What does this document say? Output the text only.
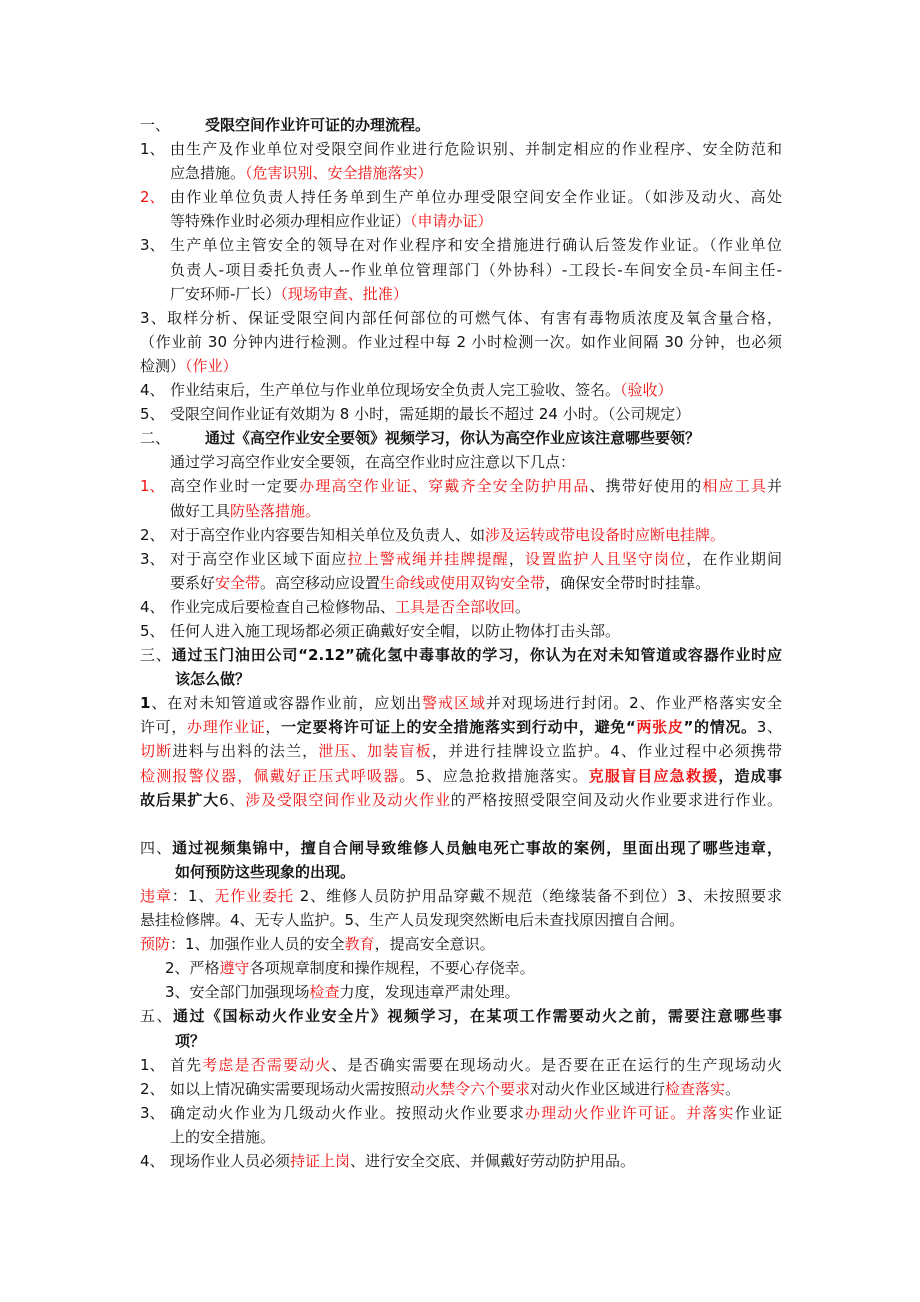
一、 受限空间作业许可证的办理流程。
1、 由生产及作业单位对受限空间作业进行危险识别、并制定相应的作业程序、安全防范和
应急措施。（危害识别、安全措施落实）
2、 由作业单位负责人持任务单到生产单位办理受限空间安全作业证。（如涉及动火、高处
等特殊作业时必须办理相应作业证）（申请办证）
3、 生产单位主管安全的领导在对作业程序和安全措施进行确认后签发作业证。（作业单位
负责人-项目委托负责人--作业单位管理部门（外协科）-工段长-车间安全员-车间主任-
厂安环师-厂长）（现场审查、批准）
3、取样分析、保证受限空间内部任何部位的可燃气体、有害有毒物质浓度及氧含量合格，
（作业前 30 分钟内进行检测。作业过程中每 2 小时检测一次。如作业间隔 30 分钟，也必须
检测）（作业）
4、 作业结束后，生产单位与作业单位现场安全负责人完工验收、签名。（验收）
5、 受限空间作业证有效期为 8 小时，需延期的最长不超过 24 小时。（公司规定）
二、 通过《高空作业安全要领》视频学习，你认为高空作业应该注意哪些要领？
通过学习高空作业安全要领，在高空作业时应注意以下几点：
1、 高空作业时一定要办理高空作业证、穿戴齐全安全防护用品、携带好使用的相应工具并
做好工具防坠落措施。
2、 对于高空作业内容要告知相关单位及负责人、如涉及运转或带电设备时应断电挂牌。
3、 对于高空作业区域下面应拉上警戒绳并挂牌提醒，设置监护人且坚守岗位，在作业期间
要系好安全带。高空移动应设置生命线或使用双钩安全带，确保安全带时时挂靠。
4、 作业完成后要检查自己检修物品、工具是否全部收回。
5、 任何人进入施工现场都必须正确戴好安全帽，以防止物体打击头部。
三、通过玉门油田公司“2.12”硫化氢中毒事故的学习，你认为在对未知管道或容器作业时应
该怎么做？
1、在对未知管道或容器作业前，应划出警戒区域并对现场进行封闭。2、作业严格落实安全
许可，办理作业证，一定要将许可证上的安全措施落实到行动中，避免“两张皮”的情况。3、
切断进料与出料的法兰，泄压、加装盲板，并进行挂牌设立监护。4、作业过程中必须携带
检测报警仪器，佩戴好正压式呼吸器。5、应急抢救措施落实。克服盲目应急救援，造成事
故后果扩大6、涉及受限空间作业及动火作业的严格按照受限空间及动火作业要求进行作业。
四、通过视频集锦中，擅自合闸导致维修人员触电死亡事故的案例，里面出现了哪些违章，
如何预防这些现象的出现。
违章：1、无作业委托 2、维修人员防护用品穿戴不规范（绝缘装备不到位）3、未按照要求
悬挂检修牌。4、无专人监护。5、生产人员发现突然断电后未查找原因擅自合闸。
预防：1、加强作业人员的安全教育，提高安全意识。
2、严格遵守各项规章制度和操作规程，不要心存侥幸。
3、安全部门加强现场检查力度，发现违章严肃处理。
五、通过《国标动火作业安全片》视频学习，在某项工作需要动火之前，需要注意哪些事
项？
1、 首先考虑是否需要动火、是否确实需要在现场动火。是否要在正在运行的生产现场动火
2、 如以上情况确实需要现场动火需按照动火禁令六个要求对动火作业区域进行检查落实。
3、 确定动火作业为几级动火作业。按照动火作业要求办理动火作业许可证。并落实作业证
上的安全措施。
4、 现场作业人员必须持证上岗、进行安全交底、并佩戴好劳动防护用品。
